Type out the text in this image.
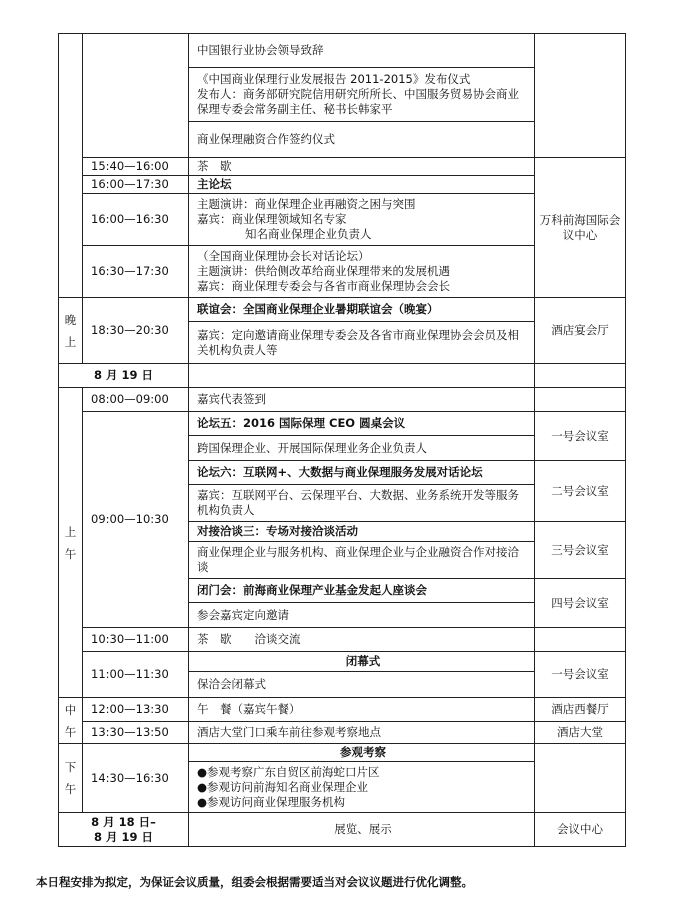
		中国银行业协会领导致辞	

		《中国商业保理行业发展报告 2011-2015》发布仪式
发布人：商务部研究院信用研究所所长、中国服务贸易协会商业保理专委会常务副主任、秘书长韩家平	

		商业保理融资合作签约仪式	
	15:40—16:00	茶　歇	万科前海国际会议中心
	16:00—17:30	主论坛	
	16:00—16:30	主题演讲：商业保理企业再融资之困与突围
嘉宾：商业保理领域知名专家
知名商业保理企业负责人	

	16:30—17:30	（全国商业保理协会长对话论坛）
主题演讲：供给侧改革给商业保理带来的发展机遇
嘉宾：商业保理专委会与各省市商业保理协会会长	

晚
上	18:30—20:30	联谊会：全国商业保理企业暑期联谊会（晚宴）	酒店宴会厅
		嘉宾：定向邀请商业保理专委会及各省市商业保理协会会员及相关机构负责人等	
8 月 19 日			

上
午	08:00—09:00	嘉宾代表签到	
	09:00—10:30	论坛五：2016 国际保理 CEO 圆桌会议	一号会议室
		跨国保理企业、开展国际保理业务企业负责人	
		论坛六：互联网+、大数据与商业保理服务发展对话论坛	二号会议室
		嘉宾：互联网平台、云保理平台、大数据、业务系统开发等服务机构负责人	
		对接洽谈三：专场对接洽谈活动	三号会议室
		商业保理企业与服务机构、商业保理企业与企业融资合作对接洽谈	
		闭门会：前海商业保理产业基金发起人座谈会	四号会议室
		参会嘉宾定向邀请	
	10:30—11:00	茶　歇　　洽谈交流	
	11:00—11:30	闭幕式	一号会议室
		保洽会闭幕式	

中
午	12:00—13:30	午　餐（嘉宾午餐）	酒店西餐厅
	13:30—13:50	酒店大堂门口乘车前往参观考察地点	酒店大堂

下
午	14:30—16:30	参观考察	

		●参观考察广东自贸区前海蛇口片区
●参观访问前海知名商业保理企业
●参观访问商业保理服务机构	

8 月 18 日–
8 月 19 日		展览、展示	会议中心
本日程安排为拟定，为保证会议质量，组委会根据需要适当对会议议题进行优化调整。
